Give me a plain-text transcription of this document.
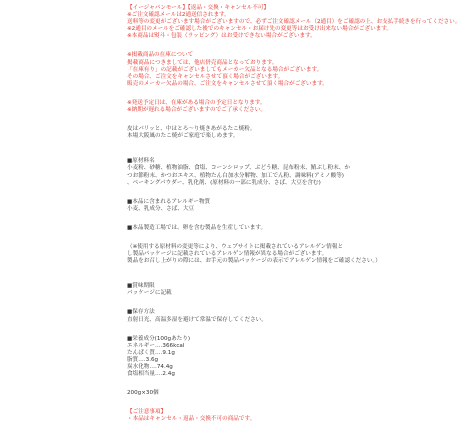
【イージャパンモール】【返品・交換・キャンセル不可】
※ご注文確認メールは2通送信されます。
送料等の変更がございます場合がございますので、必ずご注文確認メール（2通目）をご確認の上、お支払手続きを行ってください。
※2通目のメールをご確認した後でのキャンセル・お届け先の変更等はお受け出来ない場合がございます。
※本商品は熨斗・包装（ラッピング）はお受けできない場合がございます。
※掲載商品の在庫について
掲載商品につきましては、他店併売商品となっております。
「在庫有り」の記載がございましてもメーカー欠品となる場合がございます。
その場合、ご注文をキャンセルさせて頂く場合がございます。
販売のメーカー欠品の場合、ご注文をキャンセルさせて頂く場合がございます。
※発送予定日は、在庫がある場合の予定日となります。
※納期が遅れる場合がございますのでご了承ください。
皮はパリッと、中はとろ〜り焼きあがるたこ焼粉。
本場大阪風のたこ焼がご家庭で楽しめます。
■原材料名
小麦粉、砂糖、植物油脂、食塩、コーンシロップ、ぶどう糖、昆布粉末、鯖ぶし粉末、か
つお節粉末、かつおエキス、植物たん白加水分解物、加工でん粉、調味料(アミノ酸等)
、ベーキングパウダー、乳化剤、(原材料の一部に乳成分、さば、大豆を含む)
■本品に含まれるアレルギー物質
小麦、乳成分、さば、大豆
■本品製造工場では、卵を含む製品を生産しています。
（※使用する原材料の変更等により、ウェブサイトに掲載されているアレルゲン情報と
し製品パッケージに記載されているアレルゲン情報が異なる場合がございます。
製品をお召し上がりの際には、お手元の製品パッケージの表示でアレルゲン情報をご確認ください。）
■賞味期限
パッケージに記載
■保存方法
直射日光、高温多湿を避けて常温で保存してください。
■栄養成分(100gあたり)
エネルギー‥‥366kcal
たんぱく質‥‥9.1g
脂質‥‥3.6g
炭水化物‥‥74.4g
食塩相当量‥‥2.4g
200g×30個
【ご注意事項】
・本品はキャンセル・返品・交換不可の商品です。
